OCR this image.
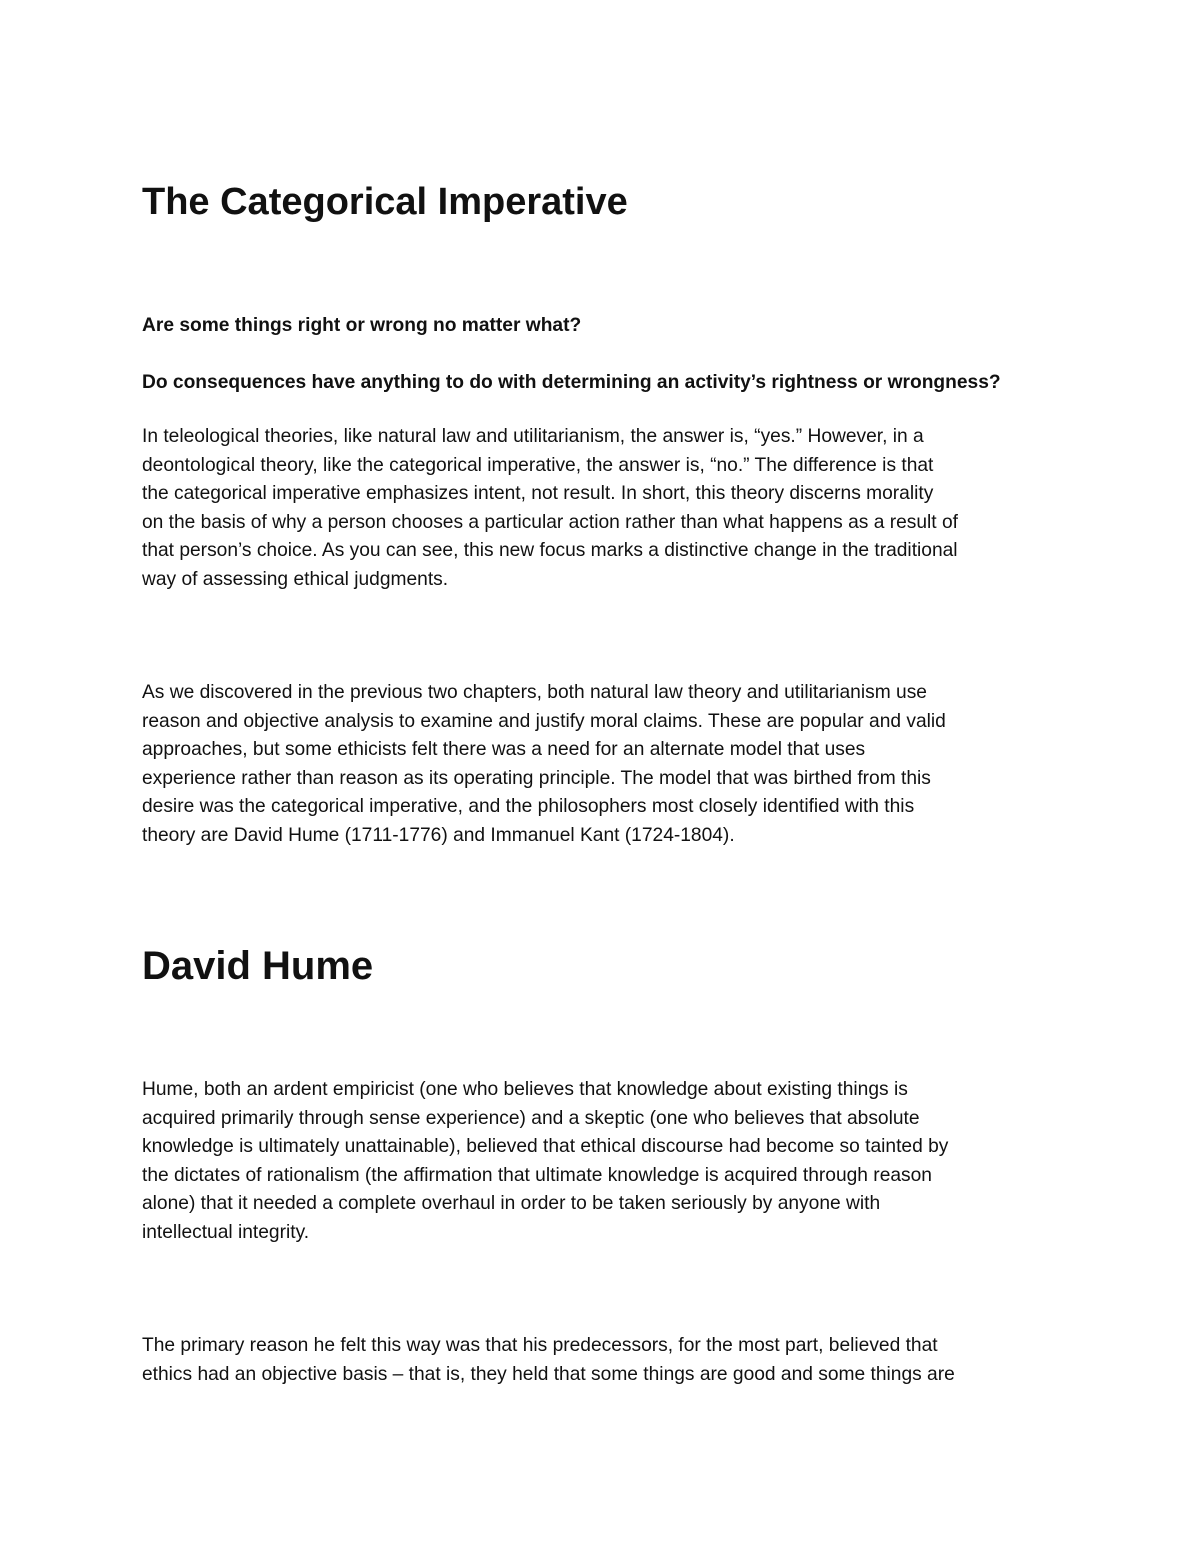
The Categorical Imperative

Are some things right or wrong no matter what?

Do consequences have anything to do with determining an activity’s rightness or wrongness?

In teleological theories, like natural law and utilitarianism, the answer is, “yes.” However, in a
deontological theory, like the categorical imperative, the answer is, “no.” The difference is that
the categorical imperative emphasizes intent, not result. In short, this theory discerns morality
on the basis of why a person chooses a particular action rather than what happens as a result of
that person’s choice. As you can see, this new focus marks a distinctive change in the traditional
way of assessing ethical judgments.
As we discovered in the previous two chapters, both natural law theory and utilitarianism use
reason and objective analysis to examine and justify moral claims. These are popular and valid
approaches, but some ethicists felt there was a need for an alternate model that uses
experience rather than reason as its operating principle. The model that was birthed from this
desire was the categorical imperative, and the philosophers most closely identified with this
theory are David Hume (1711-1776) and Immanuel Kant (1724-1804).
David Hume
Hume, both an ardent empiricist (one who believes that knowledge about existing things is
acquired primarily through sense experience) and a skeptic (one who believes that absolute
knowledge is ultimately unattainable), believed that ethical discourse had become so tainted by
the dictates of rationalism (the affirmation that ultimate knowledge is acquired through reason
alone) that it needed a complete overhaul in order to be taken seriously by anyone with
intellectual integrity.
The primary reason he felt this way was that his predecessors, for the most part, believed that
ethics had an objective basis – that is, they held that some things are good and some things are
